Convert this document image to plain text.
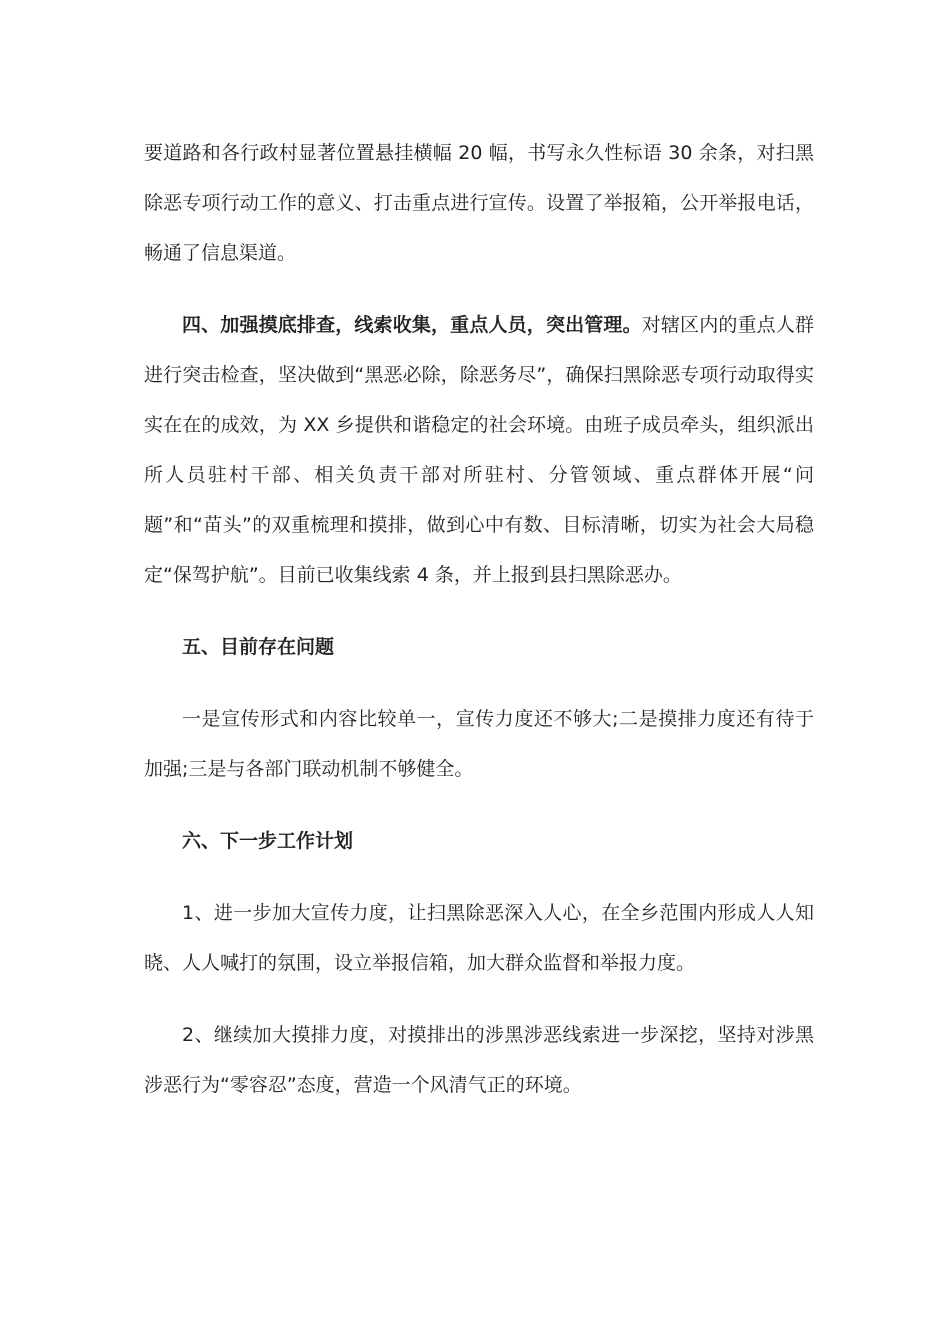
要道路和各行政村显著位置悬挂横幅 20 幅，书写永久性标语 30 余条，对扫黑除恶专项行动工作的意义、打击重点进行宣传。设置了举报箱，公开举报电话，畅通了信息渠道。

四、加强摸底排查，线索收集，重点人员，突出管理。对辖区内的重点人群进行突击检查，坚决做到“黑恶必除，除恶务尽”，确保扫黑除恶专项行动取得实实在在的成效，为 XX 乡提供和谐稳定的社会环境。由班子成员牵头，组织派出所人员驻村干部、相关负责干部对所驻村、分管领域、重点群体开展“问题”和“苗头”的双重梳理和摸排，做到心中有数、目标清晰，切实为社会大局稳定“保驾护航”。目前已收集线索 4 条，并上报到县扫黑除恶办。

五、目前存在问题

一是宣传形式和内容比较单一，宣传力度还不够大;二是摸排力度还有待于加强;三是与各部门联动机制不够健全。

六、下一步工作计划

1、进一步加大宣传力度，让扫黑除恶深入人心，在全乡范围内形成人人知晓、人人喊打的氛围，设立举报信箱，加大群众监督和举报力度。

2、继续加大摸排力度，对摸排出的涉黑涉恶线索进一步深挖，坚持对涉黑涉恶行为“零容忍”态度，营造一个风清气正的环境。
